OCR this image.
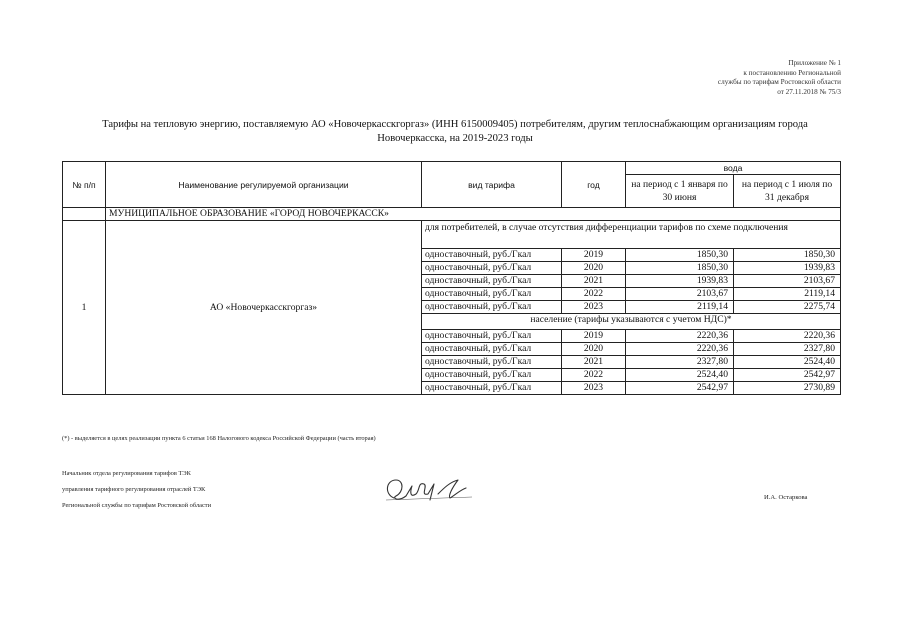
Приложение № 1
к постановлению Региональной
службы по тарифам Ростовской области
от 27.11.2018 № 75/3
Тарифы на тепловую энергию, поставляемую АО «Новочеркасскгоргаз» (ИНН 6150009405) потребителям, другим теплоснабжающим организациям города
Новочеркасска, на 2019-2023 годы
№ п/п	Наименование регулируемой организации	вид тарифа	год	вода	
				на период с 1 января по 30 июня	на период с 1 июля по 31 декабря
	МУНИЦИПАЛЬНОЕ ОБРАЗОВАНИЕ «ГОРОД НОВОЧЕРКАССК»				
1	АО «Новочеркасскгоргаз»	для потребителей, в случае отсутствия дифференциации тарифов по схеме подключения			
		одноставочный, руб./Гкал	2019	1850,30	1850,30
		одноставочный, руб./Гкал	2020	1850,30	1939,83
		одноставочный, руб./Гкал	2021	1939,83	2103,67
		одноставочный, руб./Гкал	2022	2103,67	2119,14
		одноставочный, руб./Гкал	2023	2119,14	2275,74
		население (тарифы указываются с учетом НДС)*			
		одноставочный, руб./Гкал	2019	2220,36	2220,36
		одноставочный, руб./Гкал	2020	2220,36	2327,80
		одноставочный, руб./Гкал	2021	2327,80	2524,40
		одноставочный, руб./Гкал	2022	2524,40	2542,97
		одноставочный, руб./Гкал	2023	2542,97	2730,89
(*) - выделяется в целях реализации пункта 6 статьи 168 Налогового кодекса Российской Федерации (часть вторая)
Начальник отдела регулирования тарифов ТЭК
управления тарифного регулирования отраслей ТЭК
Региональной службы по тарифам Ростовской области
И.А. Остаркова
